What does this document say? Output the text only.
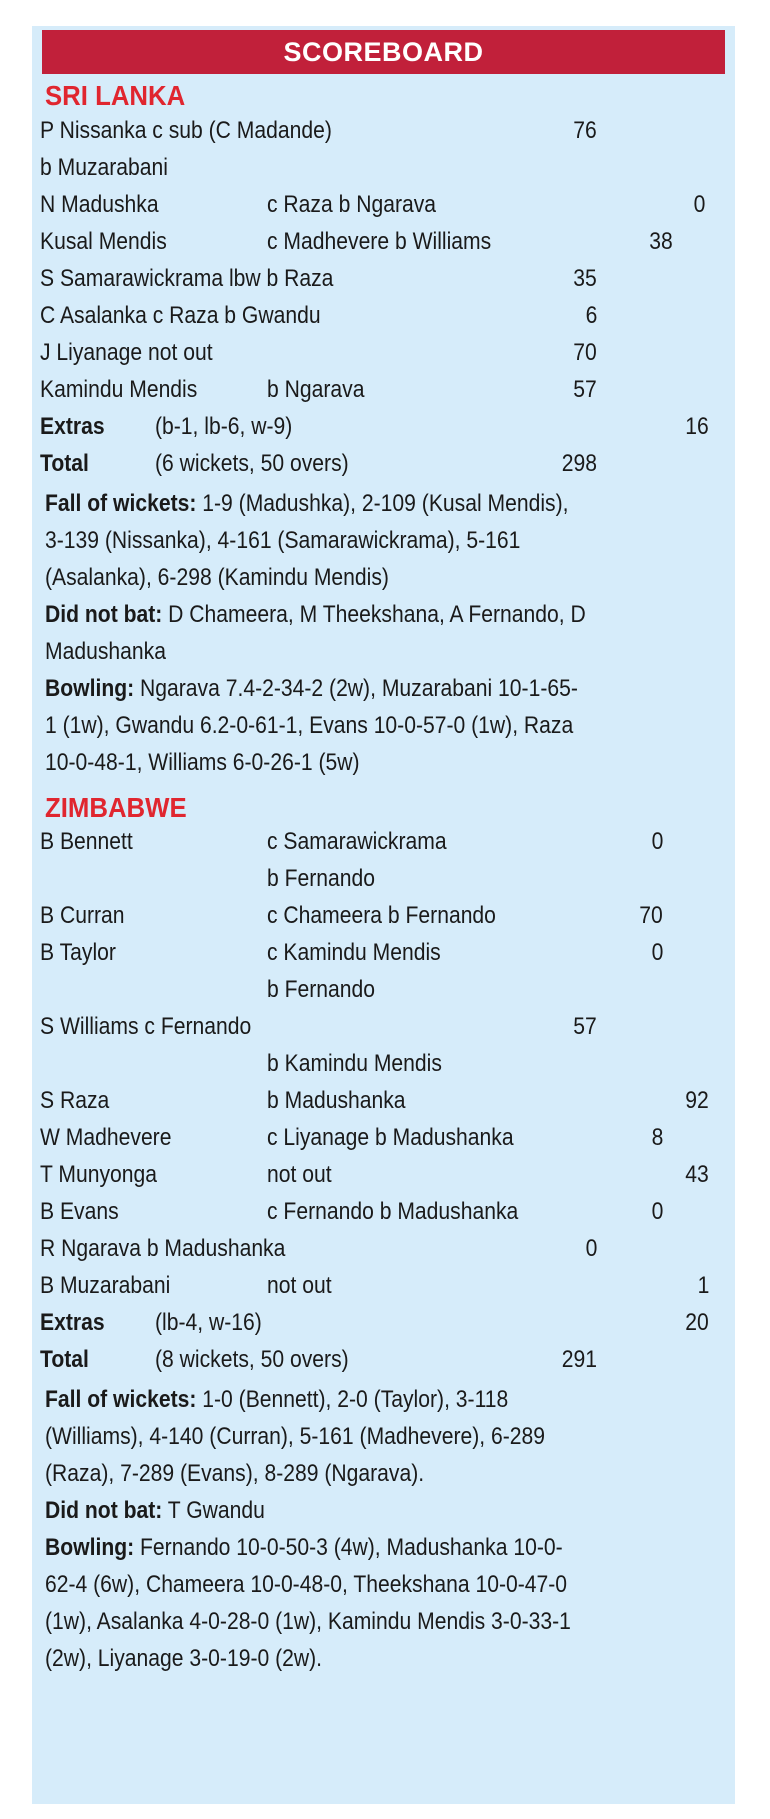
SCOREBOARD
SRI LANKA
P Nissanka c sub (C Madande)	76
b Muzarabani
N Madushka	c Raza b Ngarava	0
Kusal Mendis	c Madhevere b Williams	38
S Samarawickrama lbw b Raza	35
C Asalanka c Raza b Gwandu	6
J Liyanage not out	70
Kamindu Mendis	b Ngarava	57
Extras (b-1, lb-6, w-9)	16
Total	(6 wickets, 50 overs)	298
Fall of wickets: 1-9 (Madushka), 2-109 (Kusal Mendis),
3-139 (Nissanka), 4-161 (Samarawickrama), 5-161
(Asalanka), 6-298 (Kamindu Mendis)
Did not bat: D Chameera, M Theekshana, A Fernando, D
Madushanka
Bowling: Ngarava 7.4-2-34-2 (2w), Muzarabani 10-1-65-
1 (1w), Gwandu 6.2-0-61-1, Evans 10-0-57-0 (1w), Raza
10-0-48-1, Williams 6-0-26-1 (5w)
ZIMBABWE
B Bennett	c Samarawickrama	0
b Fernando
B Curran	c Chameera b Fernando	70
B Taylor	c Kamindu Mendis	0
b Fernando
S Williams c Fernando	57
b Kamindu Mendis
S Raza	b Madushanka	92
W Madhevere	c Liyanage b Madushanka	8
T Munyonga	not out	43
B Evans	c Fernando b Madushanka	0
R Ngarava b Madushanka	0
B Muzarabani	not out	1
Extras (lb-4, w-16)	20
Total	(8 wickets, 50 overs)	291
Fall of wickets: 1-0 (Bennett), 2-0 (Taylor), 3-118
(Williams), 4-140 (Curran), 5-161 (Madhevere), 6-289
(Raza), 7-289 (Evans), 8-289 (Ngarava).
Did not bat: T Gwandu
Bowling: Fernando 10-0-50-3 (4w), Madushanka 10-0-
62-4 (6w), Chameera 10-0-48-0, Theekshana 10-0-47-0
(1w), Asalanka 4-0-28-0 (1w), Kamindu Mendis 3-0-33-1
(2w), Liyanage 3-0-19-0 (2w).
